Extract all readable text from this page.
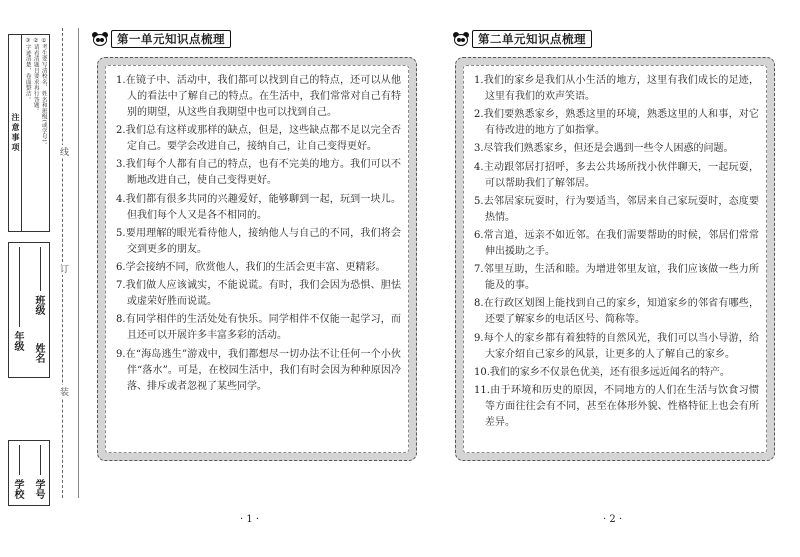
注意事项	①考生要写清校名、姓名和班级(或学号)。
②请看清题目要求再行答题。
③字迹清楚，卷面整洁。
年级
班级
姓名
学校 学号
线
订
装
第一单元知识点梳理

1.在镜子中、活动中，我们都可以找到自己的特点，还可以从他人的看法中了解自己的特点。在生活中，我们常常对自己有特别的期望，从这些自我期望中也可以找到自己。

2.我们总有这样或那样的缺点，但是，这些缺点都不足以完全否定自己。要学会改进自己，接纳自己，让自己变得更好。

3.我们每个人都有自己的特点，也有不完美的地方。我们可以不断地改进自己，使自己变得更好。

4.我们都有很多共同的兴趣爱好，能够聊到一起，玩到一块儿。但我们每个人又是各不相同的。

5.要用理解的眼光看待他人，接纳他人与自己的不同，我们将会交到更多的朋友。

6.学会接纳不同，欣赏他人，我们的生活会更丰富、更精彩。

7.我们做人应该诚实，不能说谎。有时，我们会因为恐惧、胆怯或虚荣好胜而说谎。

8.有同学相伴的生活处处有快乐。同学相伴不仅能一起学习，而且还可以开展许多丰富多彩的活动。

9.在“海岛逃生”游戏中，我们都想尽一切办法不让任何一个小伙伴“落水”。可是，在校园生活中，我们有时会因为种种原因冷落、排斥或者忽视了某些同学。

· 1 ·
第二单元知识点梳理

1.我们的家乡是我们从小生活的地方，这里有我们成长的足迹，这里有我们的欢声笑语。

2.我们要熟悉家乡，熟悉这里的环境，熟悉这里的人和事，对它有待改进的地方了如指掌。

3.尽管我们熟悉家乡，但还是会遇到一些令人困惑的问题。

4.主动跟邻居打招呼，多去公共场所找小伙伴聊天，一起玩耍，可以帮助我们了解邻居。

5.去邻居家玩耍时，行为要适当，邻居来自己家玩耍时，态度要热情。

6.常言道，远亲不如近邻。在我们需要帮助的时候，邻居们常常伸出援助之手。

7.邻里互助，生活和睦。为增进邻里友谊，我们应该做一些力所能及的事。

8.在行政区划图上能找到自己的家乡，知道家乡的邻省有哪些，还要了解家乡的电话区号、简称等。

9.每个人的家乡都有着独特的自然风光，我们可以当小导游，给大家介绍自己家乡的风景，让更多的人了解自己的家乡。

10.我们的家乡不仅景色优美，还有很多远近闻名的特产。

11.由于环境和历史的原因，不同地方的人们在生活与饮食习惯等方面往往会有不同，甚至在体形外貌、性格特征上也会有所差异。

· 2 ·
